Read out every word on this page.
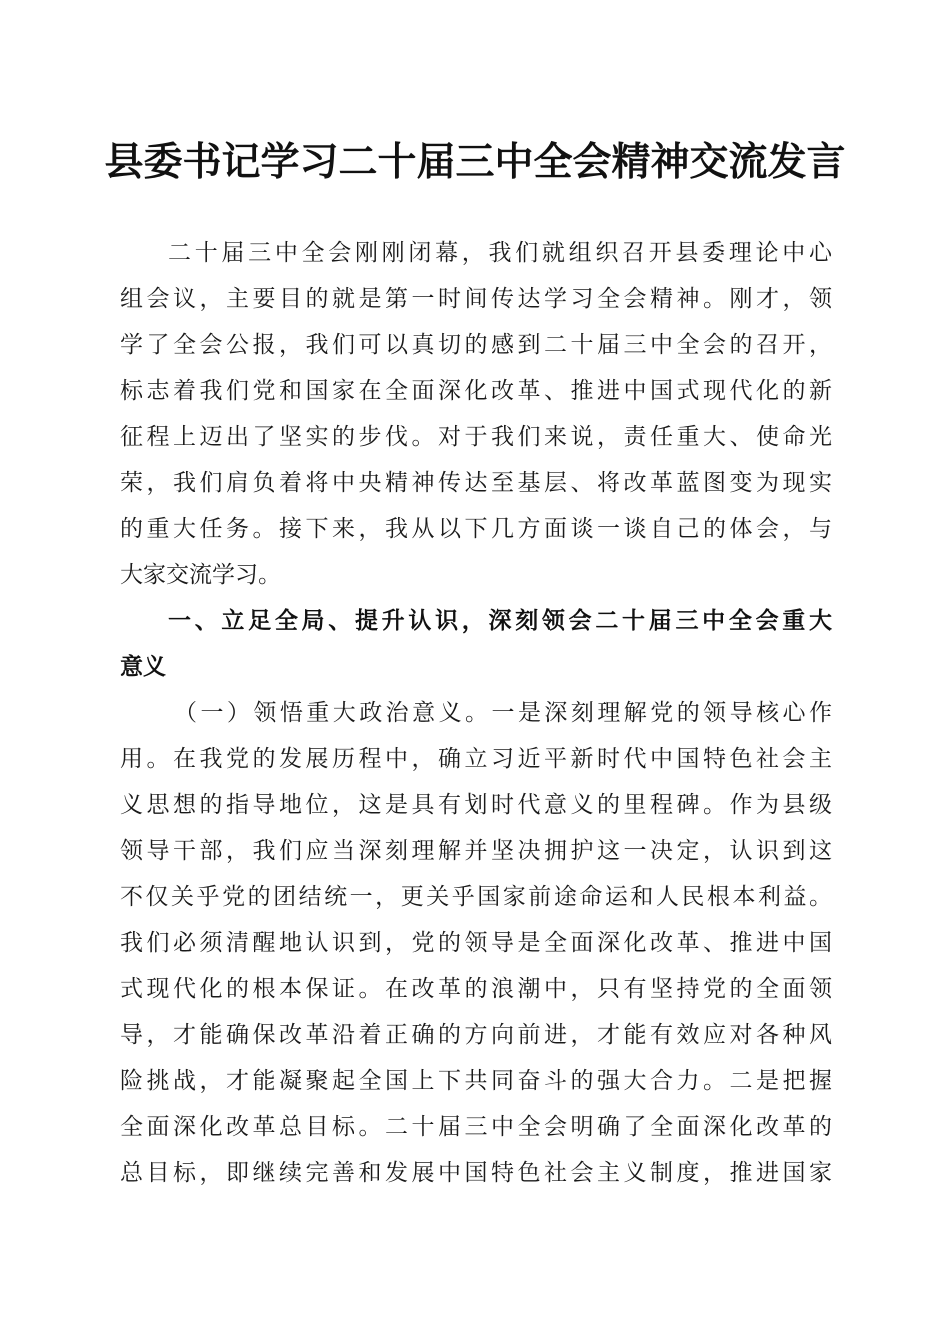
县委书记学习二十届三中全会精神交流发言
二十届三中全会刚刚闭幕，我们就组织召开县委理论中心
组会议，主要目的就是第一时间传达学习全会精神。刚才，领
学了全会公报，我们可以真切的感到二十届三中全会的召开，
标志着我们党和国家在全面深化改革、推进中国式现代化的新
征程上迈出了坚实的步伐。对于我们来说，责任重大、使命光
荣，我们肩负着将中央精神传达至基层、将改革蓝图变为现实
的重大任务。接下来，我从以下几方面谈一谈自己的体会，与
大家交流学习。
一、立足全局、提升认识，深刻领会二十届三中全会重大
意义
（一）领悟重大政治意义。一是深刻理解党的领导核心作
用。在我党的发展历程中，确立习近平新时代中国特色社会主
义思想的指导地位，这是具有划时代意义的里程碑。作为县级
领导干部，我们应当深刻理解并坚决拥护这一决定，认识到这
不仅关乎党的团结统一，更关乎国家前途命运和人民根本利益。
我们必须清醒地认识到，党的领导是全面深化改革、推进中国
式现代化的根本保证。在改革的浪潮中，只有坚持党的全面领
导，才能确保改革沿着正确的方向前进，才能有效应对各种风
险挑战，才能凝聚起全国上下共同奋斗的强大合力。二是把握
全面深化改革总目标。二十届三中全会明确了全面深化改革的
总目标，即继续完善和发展中国特色社会主义制度，推进国家
